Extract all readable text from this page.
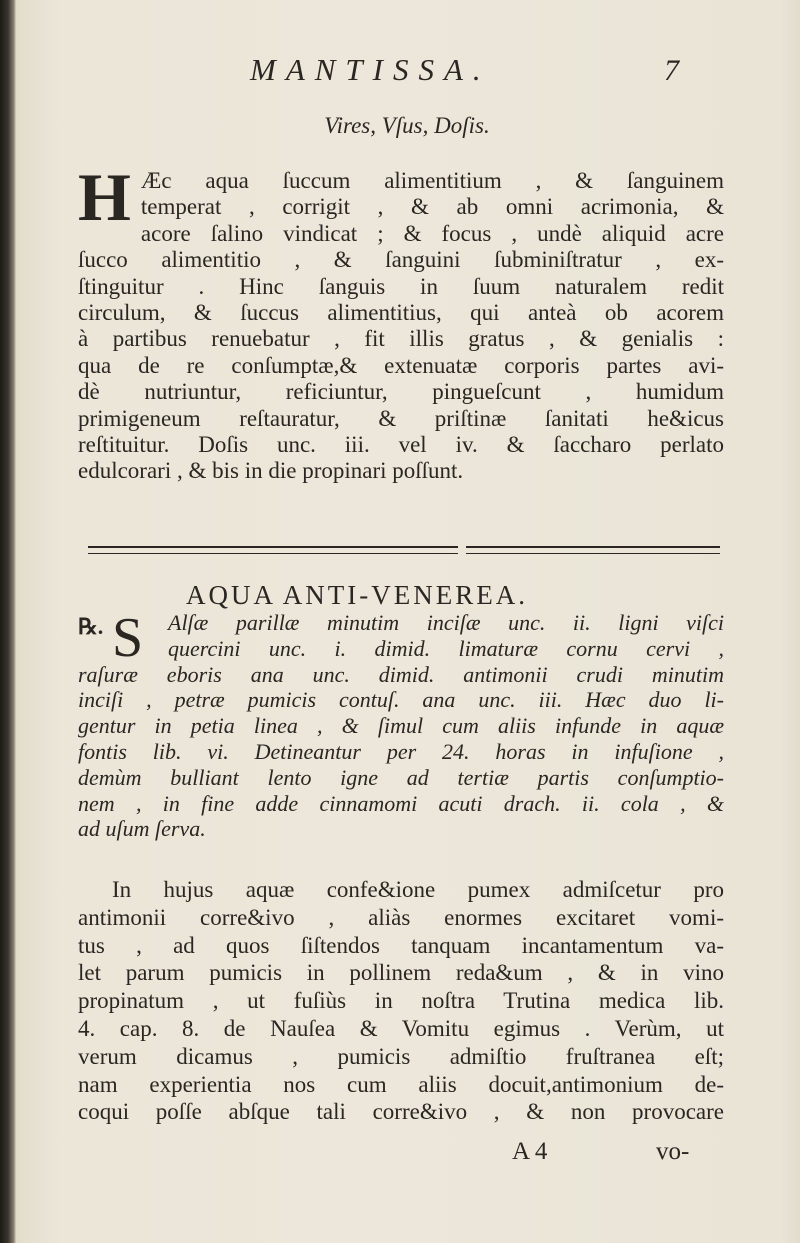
MANTISSA.	7
Vires, Vſus, Doſis.
H Æc aqua ſuccum alimentitium , & ſanguinem
temperat , corrigit , & ab omni acrimonia, &
acore ſalino vindicat ; & focus , undè aliquid acre
ſucco alimentitio , & ſanguini ſubminiſtratur , ex-
ſtinguitur . Hinc ſanguis in ſuum naturalem redit
circulum, & ſuccus alimentitius, qui anteà ob acorem
à partibus renuebatur , fit illis gratus , & genialis :
qua de re conſumptæ,& extenuatæ corporis partes avi-
dè nutriuntur, reficiuntur, pingueſcunt , humidum
primigeneum reſtauratur, & priſtinæ ſanitati he&icus
reſtituitur. Doſis unc. iii. vel iv. & ſaccharo perlato
edulcorari , & bis in die propinari poſſunt.
AQUA ANTI-VENEREA.
℞. S	Alſæ parillæ minutim inciſæ unc. ii. ligni viſci
quercini unc. i. dimid. limaturæ cornu cervi ,
raſuræ eboris ana unc. dimid. antimonii crudi minutim
inciſi , petræ pumicis contuſ. ana unc. iii. Hæc duo li-
gentur in petia linea , & ſimul cum aliis infunde in aquæ
fontis lib. vi. Detineantur per 24. horas in infuſione ,
demùm bulliant lento igne ad tertiæ partis conſumptio-
nem , in fine adde cinnamomi acuti drach. ii. cola , &
ad uſum ſerva.
In hujus aquæ confe&ione pumex admiſcetur pro
antimonii corre&ivo , aliàs enormes excitaret vomi-
tus , ad quos ſiſtendos tanquam incantamentum va-
let parum pumicis in pollinem reda&um , & in vino
propinatum , ut fuſiùs in noſtra Trutina medica lib.
4. cap. 8. de Nauſea & Vomitu egimus . Verùm, ut
verum dicamus , pumicis admiſtio fruſtranea eſt;
nam experientia nos cum aliis docuit,antimonium de-
coqui poſſe abſque tali corre&ivo , & non provocare
A 4	vo-
